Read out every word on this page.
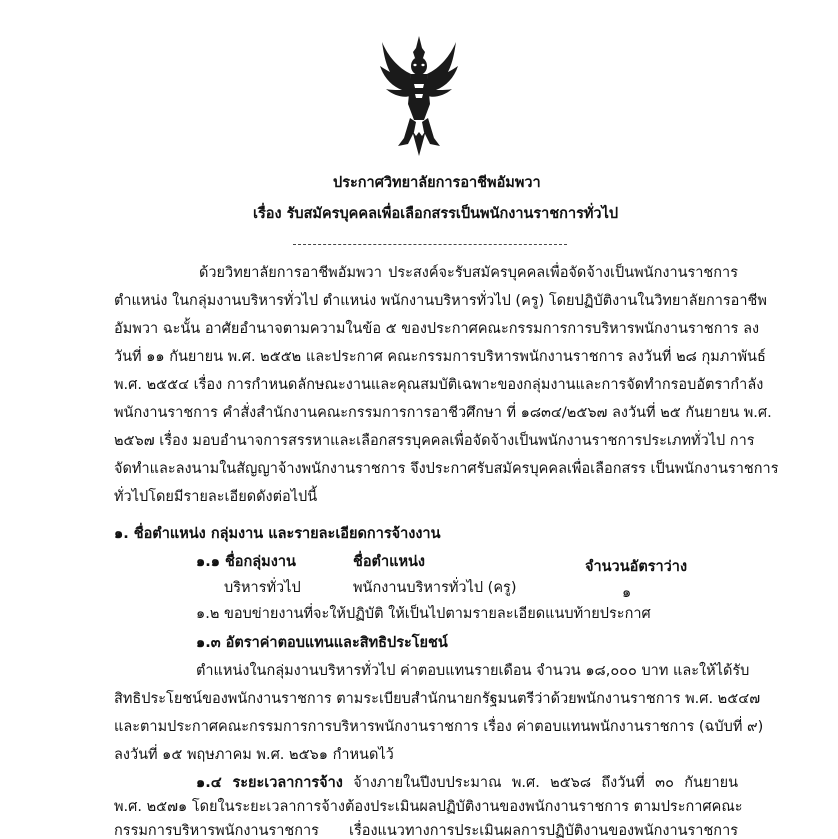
ประกาศวิทยาลัยการอาชีพอัมพวา
เรื่อง รับสมัครบุคคลเพื่อเลือกสรรเป็นพนักงานราชการทั่วไป
ด้วยวิทยาลัยการอาชีพอัมพวา ประสงค์จะรับสมัครบุคคลเพื่อจัดจ้างเป็นพนักงานราชการ
ตำแหน่ง ในกลุ่มงานบริหารทั่วไป ตำแหน่ง พนักงานบริหารทั่วไป (ครู) โดยปฏิบัติงานในวิทยาลัยการอาชีพ
อัมพวา ฉะนั้น อาศัยอำนาจตามความในข้อ ๕ ของประกาศคณะกรรมการการบริหารพนักงานราชการ ลง
วันที่ ๑๑ กันยายน พ.ศ. ๒๕๕๒ และประกาศ คณะกรรมการบริหารพนักงานราชการ ลงวันที่ ๒๘ กุมภาพันธ์
พ.ศ. ๒๕๕๔ เรื่อง การกำหนดลักษณะงานและคุณสมบัติเฉพาะของกลุ่มงานและการจัดทำกรอบอัตรากำลัง
พนักงานราชการ คำสั่งสำนักงานคณะกรรมการการอาชีวศึกษา ที่ ๑๘๓๔/๒๕๖๗ ลงวันที่ ๒๕ กันยายน พ.ศ.
๒๕๖๗ เรื่อง มอบอำนาจการสรรหาและเลือกสรรบุคคลเพื่อจัดจ้างเป็นพนักงานราชการประเภททั่วไป การ
จัดทำและลงนามในสัญญาจ้างพนักงานราชการ จึงประกาศรับสมัครบุคคลเพื่อเลือกสรร เป็นพนักงานราชการ
ทั่วไปโดยมีรายละเอียดดังต่อไปนี้
๑. ชื่อตำแหน่ง กลุ่มงาน และรายละเอียดการจ้างงาน
๑.๑ ชื่อกลุ่มงาน	ชื่อตำแหน่ง	จำนวนอัตราว่าง
บริหารทั่วไป	พนักงานบริหารทั่วไป (ครู)	๑
๑.๒ ขอบข่ายงานที่จะให้ปฏิบัติ ให้เป็นไปตามรายละเอียดแนบท้ายประกาศ
๑.๓ อัตราค่าตอบแทนและสิทธิประโยชน์
ตำแหน่งในกลุ่มงานบริหารทั่วไป ค่าตอบแทนรายเดือน จำนวน ๑๘,๐๐๐ บาท และให้ได้รับ
สิทธิประโยชน์ของพนักงานราชการ ตามระเบียบสำนักนายกรัฐมนตรีว่าด้วยพนักงานราชการ พ.ศ. ๒๕๔๗
และตามประกาศคณะกรรมการการบริหารพนักงานราชการ เรื่อง ค่าตอบแทนพนักงานราชการ (ฉบับที่ ๙)
ลงวันที่ ๑๕ พฤษภาคม พ.ศ. ๒๕๖๑ กำหนดไว้
๑.๔ ระยะเวลาการจ้าง จ้างภายในปีงบประมาณ พ.ศ. ๒๕๖๘ ถึงวันที่ ๓๐ กันยายน
พ.ศ. ๒๕๗๑ โดยในระยะเวลาการจ้างต้องประเมินผลปฏิบัติงานของพนักงานราชการ ตามประกาศคณะ
กรรมการบริหารพนักงานราชการ เรื่องแนวทางการประเมินผลการปฏิบัติงานของพนักงานราชการ
